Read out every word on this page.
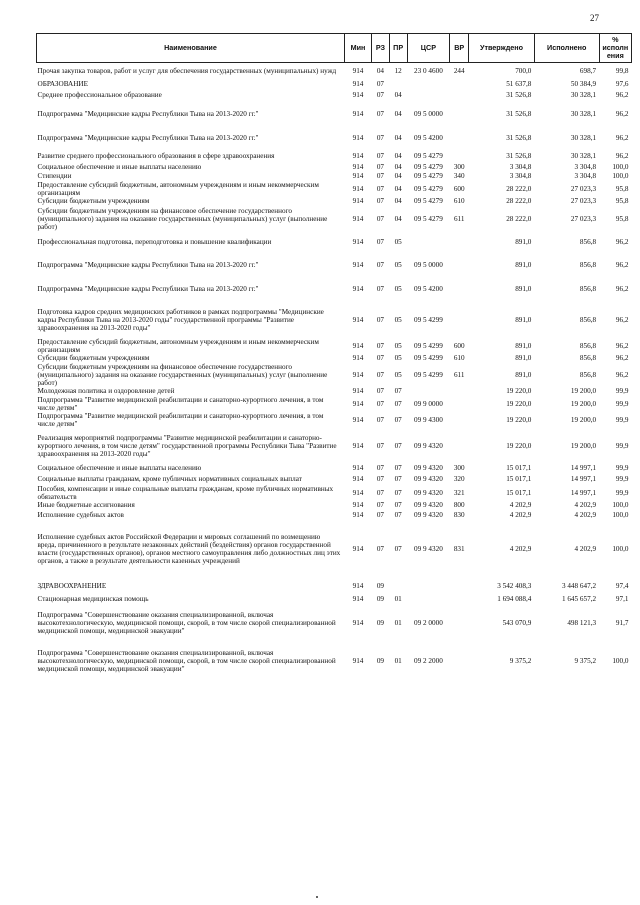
27
Наименование	Мин	РЗ	ПР	ЦСР	ВР	Утверждено	Исполнено	% исполн ения
Прочая закупка товаров, работ и услуг для обеспечения государственных (муниципальных) нужд	914	04	12	23 0 4600	244	700,0	698,7	99,8
ОБРАЗОВАНИЕ	914	07				51 637,8	50 384,9	97,6
Среднее профессиональное образование	914	07	04			31 526,8	30 328,1	96,2
Подпрограмма "Медицинские кадры Республики Тыва на 2013-2020 гг."	914	07	04	09 5 0000		31 526,8	30 328,1	96,2
Подпрограмма "Медицинские кадры Республики Тыва на 2013-2020 гг."	914	07	04	09 5 4200		31 526,8	30 328,1	96,2
Развитие среднего профессионального образования в сфере здравоохранения	914	07	04	09 5 4279		31 526,8	30 328,1	96,2
Социальное обеспечение и иные выплаты населению	914	07	04	09 5 4279	300	3 304,8	3 304,8	100,0
Стипендии	914	07	04	09 5 4279	340	3 304,8	3 304,8	100,0
Предоставление субсидий бюджетным, автономным учреждениям и иным некоммерческим организациям	914	07	04	09 5 4279	600	28 222,0	27 023,3	95,8
Субсидии бюджетным учреждениям	914	07	04	09 5 4279	610	28 222,0	27 023,3	95,8
Субсидии бюджетным учреждениям на финансовое обеспечение государственного (муниципального) задания на оказание государственных (муниципальных) услуг (выполнение работ)	914	07	04	09 5 4279	611	28 222,0	27 023,3	95,8
Профессиональная подготовка, переподготовка и повышение квалификации	914	07	05			891,0	856,8	96,2
Подпрограмма "Медицинские кадры Республики Тыва на 2013-2020 гг."	914	07	05	09 5 0000		891,0	856,8	96,2
Подпрограмма "Медицинские кадры Республики Тыва на 2013-2020 гг."	914	07	05	09 5 4200		891,0	856,8	96,2
Подготовка кадров средних медицинских работников в рамках подпрограммы "Медицинские кадры Республики Тыва на 2013-2020 годы" государственной программы "Развитие здравоохранения на 2013-2020 годы"	914	07	05	09 5 4299		891,0	856,8	96,2
Предоставление субсидий бюджетным, автономным учреждениям и иным некоммерческим организациям	914	07	05	09 5 4299	600	891,0	856,8	96,2
Субсидии бюджетным учреждениям	914	07	05	09 5 4299	610	891,0	856,8	96,2
Субсидии бюджетным учреждениям на финансовое обеспечение государственного (муниципального) задания на оказание государственных (муниципальных) услуг (выполнение работ)	914	07	05	09 5 4299	611	891,0	856,8	96,2
Молодежная политика и оздоровление детей	914	07	07			19 220,0	19 200,0	99,9
Подпрограмма "Развитие медицинской реабилитации и санаторно-курортного лечения, в том числе детям"	914	07	07	09 9 0000		19 220,0	19 200,0	99,9
Подпрограмма "Развитие медицинской реабилитации и санаторно-курортного лечения, в том числе детям"	914	07	07	09 9 4300		19 220,0	19 200,0	99,9
Реализация мероприятий подпрограммы "Развитие медицинской реабилитации и санаторно-курортного лечения, в том числе детям" государственной программы Республики Тыва "Развитие здравоохранения на 2013-2020 годы"	914	07	07	09 9 4320		19 220,0	19 200,0	99,9
Социальное обеспечение и иные выплаты населению	914	07	07	09 9 4320	300	15 017,1	14 997,1	99,9
Социальные выплаты гражданам, кроме публичных нормативных социальных выплат	914	07	07	09 9 4320	320	15 017,1	14 997,1	99,9
Пособия, компенсации и иные социальные выплаты гражданам, кроме публичных нормативных обязательств	914	07	07	09 9 4320	321	15 017,1	14 997,1	99,9
Иные бюджетные ассигнования	914	07	07	09 9 4320	800	4 202,9	4 202,9	100,0
Исполнение судебных актов	914	07	07	09 9 4320	830	4 202,9	4 202,9	100,0
Исполнение судебных актов Российской Федерации и мировых соглашений по возмещению вреда, причиненного в результате незаконных действий (бездействия) органов государственной власти (государственных органов), органов местного самоуправления либо должностных лиц этих органов, а также в результате деятельности казенных учреждений	914	07	07	09 9 4320	831	4 202,9	4 202,9	100,0
ЗДРАВООХРАНЕНИЕ	914	09				3 542 408,3	3 448 647,2	97,4
Стационарная медицинская помощь	914	09	01			1 694 088,4	1 645 657,2	97,1
Подпрограмма "Совершенствование оказания специализированной, включая высокотехнологическую, медицинской помощи, скорой, в том числе скорой специализированной медицинской помощи, медицинской эвакуации"	914	09	01	09 2 0000		543 070,9	498 121,3	91,7
Подпрограмма "Совершенствование оказания специализированной, включая высокотехнологическую, медицинской помощи, скорой, в том числе скорой специализированной медицинской помощи, медицинской эвакуации"	914	09	01	09 2 2000		9 375,2	9 375,2	100,0
